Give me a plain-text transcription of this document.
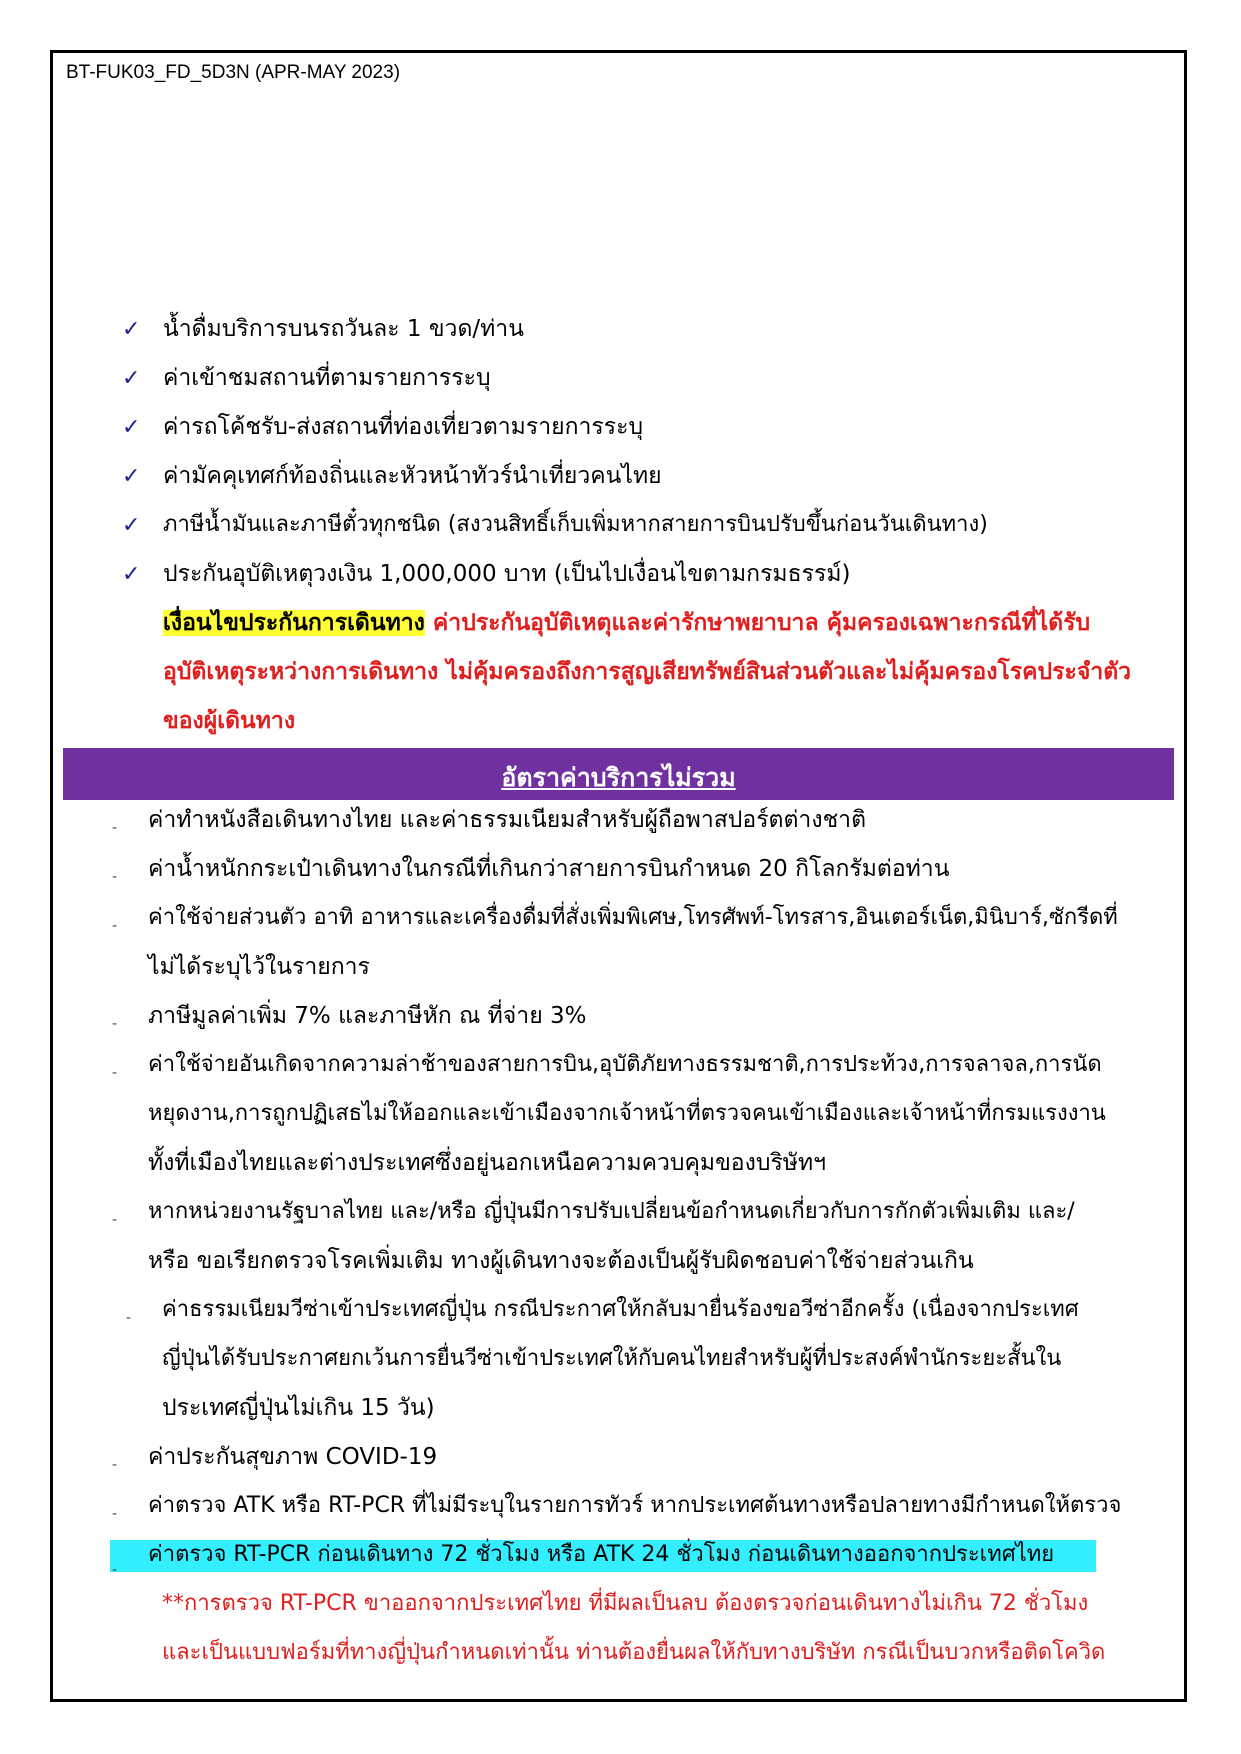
BT-FUK03_FD_5D3N (APR-MAY 2023)
✓ น้ำดื่มบริการบนรถวันละ 1 ขวด/ท่าน
✓ ค่าเข้าชมสถานที่ตามรายการระบุ
✓ ค่ารถโค้ชรับ-ส่งสถานที่ท่องเที่ยวตามรายการระบุ
✓ ค่ามัคคุเทศก์ท้องถิ่นและหัวหน้าทัวร์นำเที่ยวคนไทย
✓ ภาษีน้ำมันและภาษีตั๋วทุกชนิด (สงวนสิทธิ์เก็บเพิ่มหากสายการบินปรับขึ้นก่อนวันเดินทาง)
✓ ประกันอุบัติเหตุวงเงิน 1,000,000 บาท (เป็นไปเงื่อนไขตามกรมธรรม์)
เงื่อนไขประกันการเดินทาง ค่าประกันอุบัติเหตุและค่ารักษาพยาบาล คุ้มครองเฉพาะกรณีที่ได้รับ
อุบัติเหตุระหว่างการเดินทาง ไม่คุ้มครองถึงการสูญเสียทรัพย์สินส่วนตัวและไม่คุ้มครองโรคประจำตัว
ของผู้เดินทาง
อัตราค่าบริการไม่รวม
- ค่าทำหนังสือเดินทางไทย และค่าธรรมเนียมสำหรับผู้ถือพาสปอร์ตต่างชาติ
- ค่าน้ำหนักกระเป๋าเดินทางในกรณีที่เกินกว่าสายการบินกำหนด 20 กิโลกรัมต่อท่าน
- ค่าใช้จ่ายส่วนตัว อาทิ อาหารและเครื่องดื่มที่สั่งเพิ่มพิเศษ,โทรศัพท์-โทรสาร,อินเตอร์เน็ต,มินิบาร์,ซักรีดที่
ไม่ได้ระบุไว้ในรายการ
- ภาษีมูลค่าเพิ่ม 7% และภาษีหัก ณ ที่จ่าย 3%
- ค่าใช้จ่ายอันเกิดจากความล่าช้าของสายการบิน,อุบัติภัยทางธรรมชาติ,การประท้วง,การจลาจล,การนัด
หยุดงาน,การถูกปฏิเสธไม่ให้ออกและเข้าเมืองจากเจ้าหน้าที่ตรวจคนเข้าเมืองและเจ้าหน้าที่กรมแรงงาน
ทั้งที่เมืองไทยและต่างประเทศซึ่งอยู่นอกเหนือความควบคุมของบริษัทฯ
- หากหน่วยงานรัฐบาลไทย และ/หรือ ญี่ปุ่นมีการปรับเปลี่ยนข้อกำหนดเกี่ยวกับการกักตัวเพิ่มเติม และ/
หรือ ขอเรียกตรวจโรคเพิ่มเติม ทางผู้เดินทางจะต้องเป็นผู้รับผิดชอบค่าใช้จ่ายส่วนเกิน
- ค่าธรรมเนียมวีซ่าเข้าประเทศญี่ปุ่น กรณีประกาศให้กลับมายื่นร้องขอวีซ่าอีกครั้ง (เนื่องจากประเทศ
ญี่ปุ่นได้รับประกาศยกเว้นการยื่นวีซ่าเข้าประเทศให้กับคนไทยสำหรับผู้ที่ประสงค์พำนักระยะสั้นใน
ประเทศญี่ปุ่นไม่เกิน 15 วัน)
- ค่าประกันสุขภาพ COVID-19
- ค่าตรวจ ATK หรือ RT-PCR ที่ไม่มีระบุในรายการทัวร์ หากประเทศต้นทางหรือปลายทางมีกำหนดให้ตรวจ
-
ค่าตรวจ RT-PCR ก่อนเดินทาง 72 ชั่วโมง หรือ ATK 24 ชั่วโมง ก่อนเดินทางออกจากประเทศไทย
**การตรวจ RT-PCR ขาออกจากประเทศไทย ที่มีผลเป็นลบ ต้องตรวจก่อนเดินทางไม่เกิน 72 ชั่วโมง
และเป็นแบบฟอร์มที่ทางญี่ปุ่นกำหนดเท่านั้น ท่านต้องยื่นผลให้กับทางบริษัท กรณีเป็นบวกหรือติดโควิด
